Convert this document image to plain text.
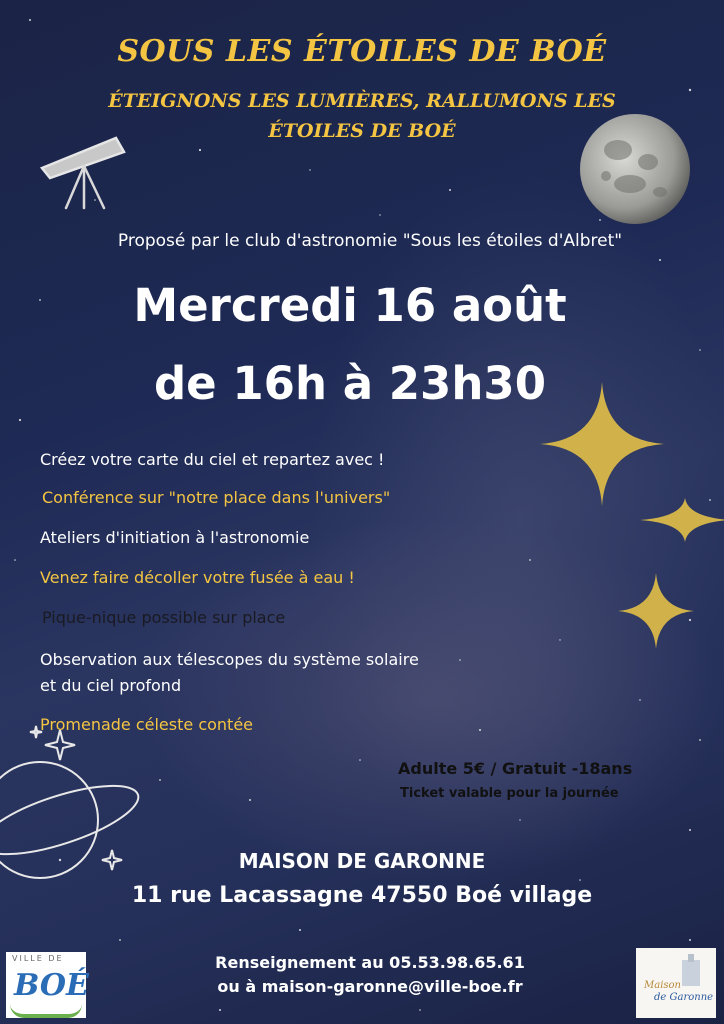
SOUS LES ÉTOILES DE BOÉ
ÉTEIGNONS LES LUMIÈRES, RALLUMONS LES ÉTOILES DE BOÉ
Proposé par le club d'astronomie "Sous les étoiles d'Albret"
Mercredi 16 août
de 16h à 23h30
Créez votre carte du ciel et repartez avec !
Conférence sur "notre place dans l'univers"
Ateliers d'initiation à l'astronomie
Venez faire décoller votre fusée à eau !
Pique-nique possible sur place
Observation aux télescopes du système solaire
et du ciel profond
Promenade céleste contée
Adulte 5€ / Gratuit -18ans
Ticket valable pour la journée
MAISON DE GARONNE
11 rue Lacassagne 47550 Boé village
Renseignement au 05.53.98.65.61
ou à maison-garonne@ville-boe.fr
VILLE DE
BOÉ	Maison
de Garonne
